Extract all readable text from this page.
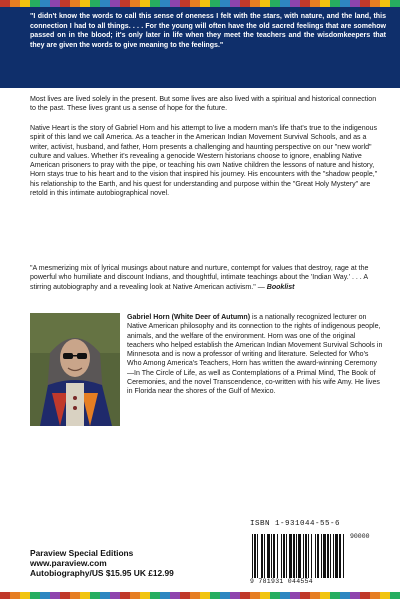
"I didn't know the words to call this sense of oneness I felt with the stars, with nature, and the land, this connection I had to all things. . . . For the young will often have the old sacred feelings that are somehow passed on in the blood; it's only later in life when they meet the teachers and the wisdomkeepers that they are given the words to give meaning to the feelings."

Most lives are lived solely in the present. But some lives are also lived with a spiritual and historical connection to the past. These lives grant us a sense of hope for the future.

Native Heart is the story of Gabriel Horn and his attempt to live a modern man's life that's true to the indigenous spirit of this land we call America. As a teacher in the American Indian Movement Survival Schools, and as a writer, activist, husband, and father, Horn presents a challenging and haunting perspective on our "new world" culture and values. Whether it's revealing a genocide Western historians choose to ignore, enabling Native American prisoners to pray with the pipe, or teaching his own Native children the lessons of nature and history, Horn stays true to his heart and to the vision that inspired his journey. His encounters with the "shadow people," his relationship to the Earth, and his quest for understanding and purpose within the "Great Holy Mystery" are retold in this intimate autobiographical novel.

"A mesmerizing mix of lyrical musings about nature and nurture, contempt for values that destroy, rage at the powerful who humiliate and discount Indians, and thoughtful, intimate teachings about the 'Indian Way.' . . . A stirring autobiography and a revealing look at Native American activism." — Booklist

Gabriel Horn (White Deer of Autumn) is a nationally recognized lecturer on Native American philosophy and its connection to the rights of indigenous people, animals, and the welfare of the environment. Horn was one of the original teachers who helped establish the American Indian Movement Survival Schools in Minnesota and is now a professor of writing and literature. Selected for Who's Who Among America's Teachers, Horn has written the award-winning Ceremony—In The Circle of Life, as well as Contemplations of a Primal Mind, The Book of Ceremonies, and the novel Transcendence, co-written with his wife Amy. He lives in Florida near the shores of the Gulf of Mexico.

Paraview Special Editions
www.paraview.com
Autobiography/US $15.95 UK £12.99
ISBN 1-931044-55-6
90000
9 781931 044554
